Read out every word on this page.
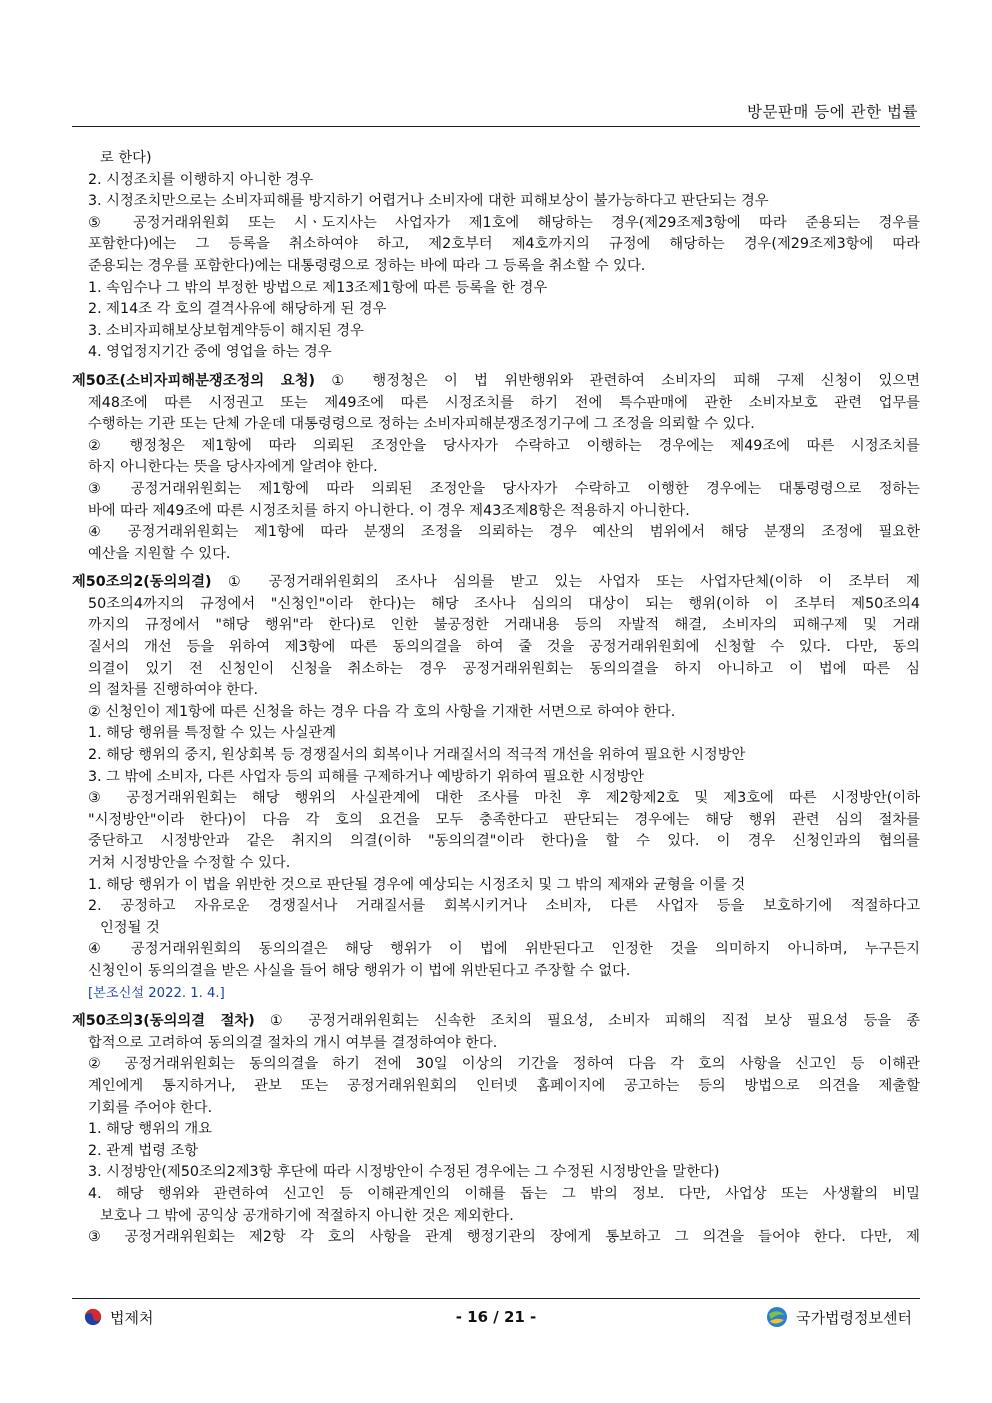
방문판매 등에 관한 법률
로 한다)
2. 시정조치를 이행하지 아니한 경우
3. 시정조치만으로는 소비자피해를 방지하기 어렵거나 소비자에 대한 피해보상이 불가능하다고 판단되는 경우
⑤ 공정거래위원회 또는 시ㆍ도지사는 사업자가 제1호에 해당하는 경우(제29조제3항에 따라 준용되는 경우를
포함한다)에는 그 등록을 취소하여야 하고, 제2호부터 제4호까지의 규정에 해당하는 경우(제29조제3항에 따라
준용되는 경우를 포함한다)에는 대통령령으로 정하는 바에 따라 그 등록을 취소할 수 있다.
1. 속임수나 그 밖의 부정한 방법으로 제13조제1항에 따른 등록을 한 경우
2. 제14조 각 호의 결격사유에 해당하게 된 경우
3. 소비자피해보상보험계약등이 해지된 경우
4. 영업정지기간 중에 영업을 하는 경우
제50조(소비자피해분쟁조정의 요청) ① 행정청은 이 법 위반행위와 관련하여 소비자의 피해 구제 신청이 있으면
제48조에 따른 시정권고 또는 제49조에 따른 시정조치를 하기 전에 특수판매에 관한 소비자보호 관련 업무를
수행하는 기관 또는 단체 가운데 대통령령으로 정하는 소비자피해분쟁조정기구에 그 조정을 의뢰할 수 있다.
② 행정청은 제1항에 따라 의뢰된 조정안을 당사자가 수락하고 이행하는 경우에는 제49조에 따른 시정조치를
하지 아니한다는 뜻을 당사자에게 알려야 한다.
③ 공정거래위원회는 제1항에 따라 의뢰된 조정안을 당사자가 수락하고 이행한 경우에는 대통령령으로 정하는
바에 따라 제49조에 따른 시정조치를 하지 아니한다. 이 경우 제43조제8항은 적용하지 아니한다.
④ 공정거래위원회는 제1항에 따라 분쟁의 조정을 의뢰하는 경우 예산의 범위에서 해당 분쟁의 조정에 필요한
예산을 지원할 수 있다.
제50조의2(동의의결) ① 공정거래위원회의 조사나 심의를 받고 있는 사업자 또는 사업자단체(이하 이 조부터 제
50조의4까지의 규정에서 "신청인"이라 한다)는 해당 조사나 심의의 대상이 되는 행위(이하 이 조부터 제50조의4
까지의 규정에서 "해당 행위"라 한다)로 인한 불공정한 거래내용 등의 자발적 해결, 소비자의 피해구제 및 거래
질서의 개선 등을 위하여 제3항에 따른 동의의결을 하여 줄 것을 공정거래위원회에 신청할 수 있다. 다만, 동의
의결이 있기 전 신청인이 신청을 취소하는 경우 공정거래위원회는 동의의결을 하지 아니하고 이 법에 따른 심
의 절차를 진행하여야 한다.
② 신청인이 제1항에 따른 신청을 하는 경우 다음 각 호의 사항을 기재한 서면으로 하여야 한다.
1. 해당 행위를 특정할 수 있는 사실관계
2. 해당 행위의 중지, 원상회복 등 경쟁질서의 회복이나 거래질서의 적극적 개선을 위하여 필요한 시정방안
3. 그 밖에 소비자, 다른 사업자 등의 피해를 구제하거나 예방하기 위하여 필요한 시정방안
③ 공정거래위원회는 해당 행위의 사실관계에 대한 조사를 마친 후 제2항제2호 및 제3호에 따른 시정방안(이하
"시정방안"이라 한다)이 다음 각 호의 요건을 모두 충족한다고 판단되는 경우에는 해당 행위 관련 심의 절차를
중단하고 시정방안과 같은 취지의 의결(이하 "동의의결"이라 한다)을 할 수 있다. 이 경우 신청인과의 협의를
거쳐 시정방안을 수정할 수 있다.
1. 해당 행위가 이 법을 위반한 것으로 판단될 경우에 예상되는 시정조치 및 그 밖의 제재와 균형을 이룰 것
2. 공정하고 자유로운 경쟁질서나 거래질서를 회복시키거나 소비자, 다른 사업자 등을 보호하기에 적절하다고
인정될 것
④ 공정거래위원회의 동의의결은 해당 행위가 이 법에 위반된다고 인정한 것을 의미하지 아니하며, 누구든지
신청인이 동의의결을 받은 사실을 들어 해당 행위가 이 법에 위반된다고 주장할 수 없다.
[본조신설 2022. 1. 4.]
제50조의3(동의의결 절차) ① 공정거래위원회는 신속한 조치의 필요성, 소비자 피해의 직접 보상 필요성 등을 종
합적으로 고려하여 동의의결 절차의 개시 여부를 결정하여야 한다.
② 공정거래위원회는 동의의결을 하기 전에 30일 이상의 기간을 정하여 다음 각 호의 사항을 신고인 등 이해관
계인에게 통지하거나, 관보 또는 공정거래위원회의 인터넷 홈페이지에 공고하는 등의 방법으로 의견을 제출할
기회를 주어야 한다.
1. 해당 행위의 개요
2. 관계 법령 조항
3. 시정방안(제50조의2제3항 후단에 따라 시정방안이 수정된 경우에는 그 수정된 시정방안을 말한다)
4. 해당 행위와 관련하여 신고인 등 이해관계인의 이해를 돕는 그 밖의 정보. 다만, 사업상 또는 사생활의 비밀
보호나 그 밖에 공익상 공개하기에 적절하지 아니한 것은 제외한다.
③ 공정거래위원회는 제2항 각 호의 사항을 관계 행정기관의 장에게 통보하고 그 의견을 들어야 한다. 다만, 제
법제처	- 16 / 21 -	국가법령정보센터
